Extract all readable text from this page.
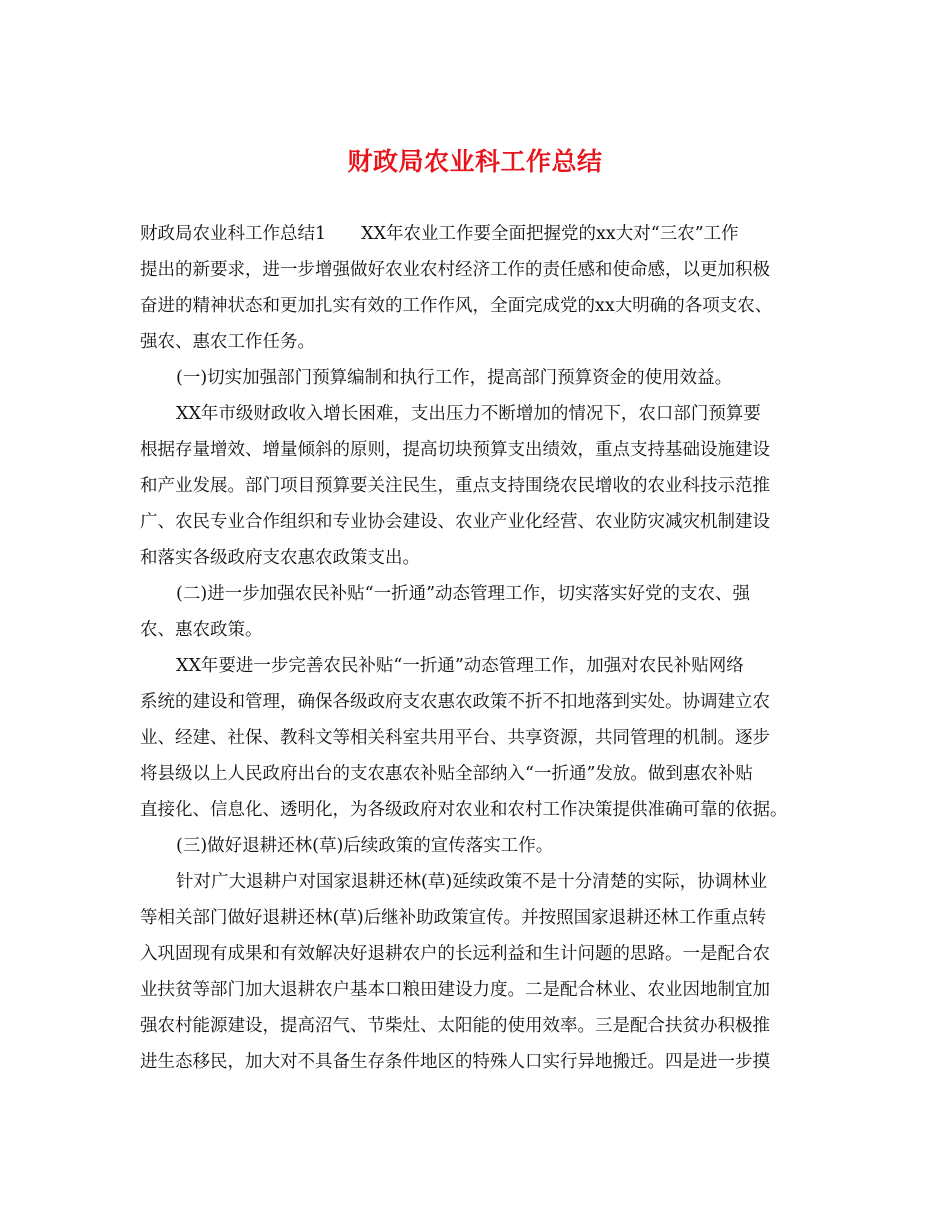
财政局农业科工作总结
财政局农业科工作总结1　　XX年农业工作要全面把握党的xx大对“三农”工作
提出的新要求，进一步增强做好农业农村经济工作的责任感和使命感，以更加积极
奋进的精神状态和更加扎实有效的工作作风，全面完成党的xx大明确的各项支农、
强农、惠农工作任务。
(一)切实加强部门预算编制和执行工作，提高部门预算资金的使用效益。
XX年市级财政收入增长困难，支出压力不断增加的情况下，农口部门预算要
根据存量增效、增量倾斜的原则，提高切块预算支出绩效，重点支持基础设施建设
和产业发展。部门项目预算要关注民生，重点支持围绕农民增收的农业科技示范推
广、农民专业合作组织和专业协会建设、农业产业化经营、农业防灾减灾机制建设
和落实各级政府支农惠农政策支出。
(二)进一步加强农民补贴“一折通”动态管理工作，切实落实好党的支农、强
农、惠农政策。
XX年要进一步完善农民补贴“一折通”动态管理工作，加强对农民补贴网络
系统的建设和管理，确保各级政府支农惠农政策不折不扣地落到实处。协调建立农
业、经建、社保、教科文等相关科室共用平台、共享资源，共同管理的机制。逐步
将县级以上人民政府出台的支农惠农补贴全部纳入“一折通”发放。做到惠农补贴
直接化、信息化、透明化，为各级政府对农业和农村工作决策提供准确可靠的依据。
(三)做好退耕还林(草)后续政策的宣传落实工作。
针对广大退耕户对国家退耕还林(草)延续政策不是十分清楚的实际，协调林业
等相关部门做好退耕还林(草)后继补助政策宣传。并按照国家退耕还林工作重点转
入巩固现有成果和有效解决好退耕农户的长远利益和生计问题的思路。一是配合农
业扶贫等部门加大退耕农户基本口粮田建设力度。二是配合林业、农业因地制宜加
强农村能源建设，提高沼气、节柴灶、太阳能的使用效率。三是配合扶贫办积极推
进生态移民，加大对不具备生存条件地区的特殊人口实行异地搬迁。四是进一步摸
